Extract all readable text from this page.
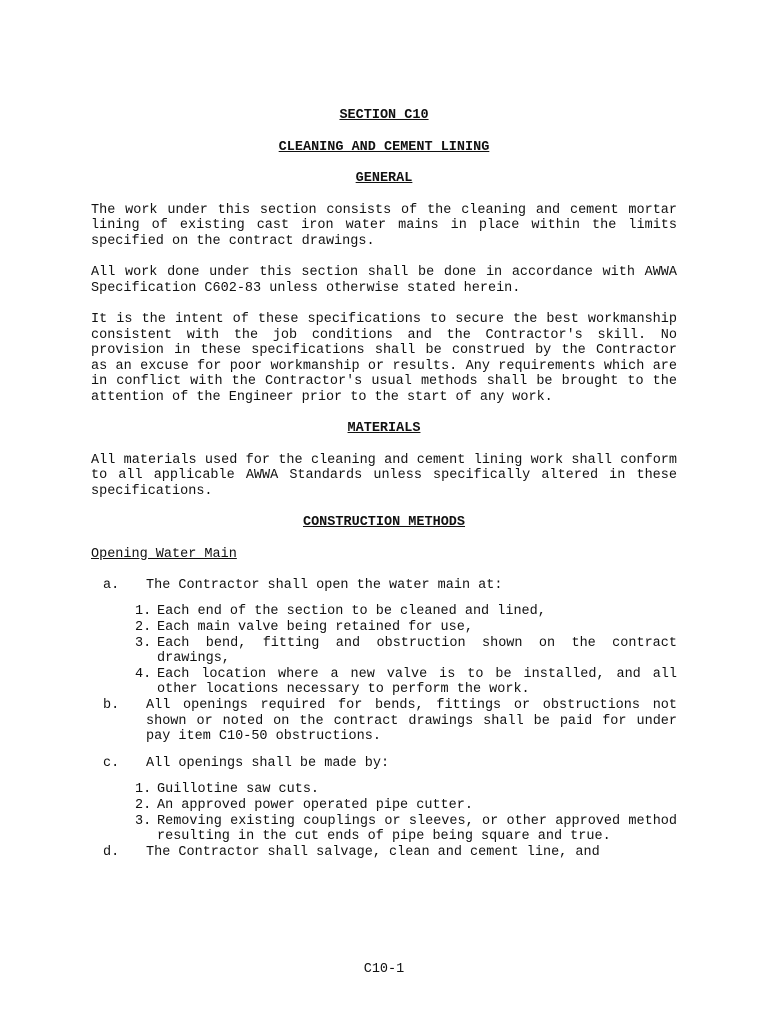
SECTION C10
CLEANING AND CEMENT LINING
GENERAL

The work under this section consists of the cleaning and cement mortar lining of existing cast iron water mains in place within the limits specified on the contract drawings.

All work done under this section shall be done in accordance with AWWA Specification C602-83 unless otherwise stated herein.

It is the intent of these specifications to secure the best workmanship consistent with the job conditions and the Contractor's skill. No provision in these specifications shall be construed by the Contractor as an excuse for poor workmanship or results. Any requirements which are in conflict with the Contractor's usual methods shall be brought to the attention of the Engineer prior to the start of any work.

MATERIALS

All materials used for the cleaning and cement lining work shall conform to all applicable AWWA Standards unless specifically altered in these specifications.

CONSTRUCTION METHODS
Opening Water Main
a. The Contractor shall open the water main at:
1. Each end of the section to be cleaned and lined,
2. Each main valve being retained for use,
3. Each bend, fitting and obstruction shown on the contract drawings,
4. Each location where a new valve is to be installed, and all other locations necessary to perform the work.
b. All openings required for bends, fittings or obstructions not shown or noted on the contract drawings shall be paid for under pay item C10-50 obstructions.
c. All openings shall be made by:
1. Guillotine saw cuts.
2. An approved power operated pipe cutter.
3. Removing existing couplings or sleeves, or other approved method resulting in the cut ends of pipe being square and true.
d. The Contractor shall salvage, clean and cement line, and
C10-1
